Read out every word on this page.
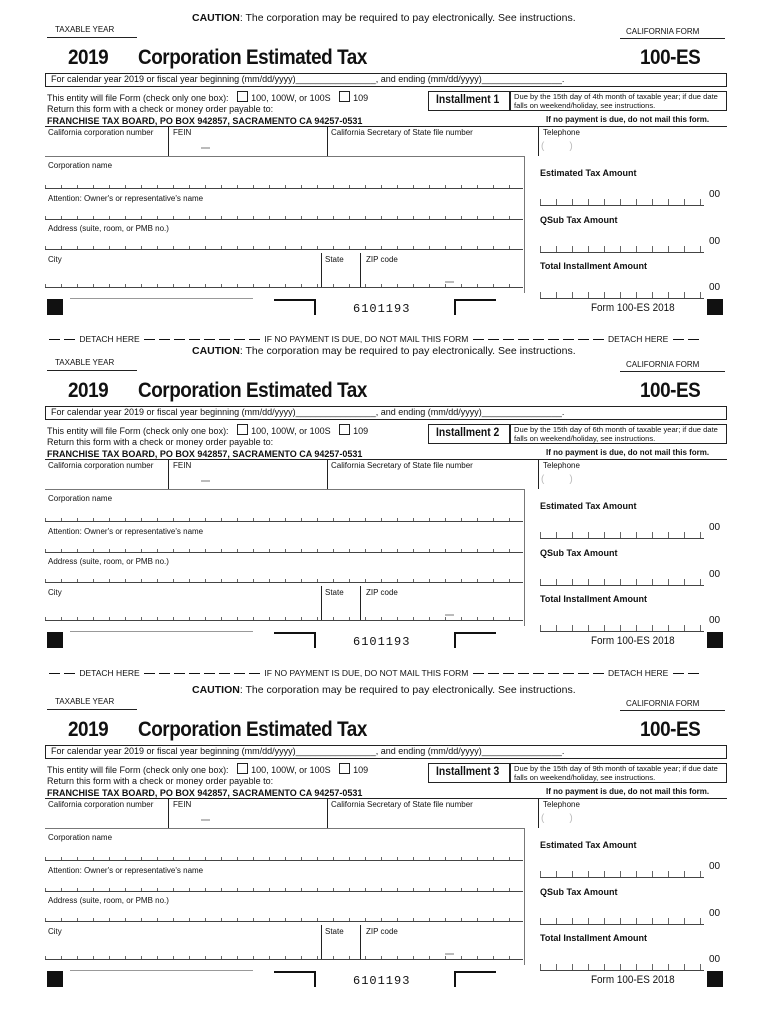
CAUTION: The corporation may be required to pay electronically. See instructions.
TAXABLE YEAR	CALIFORNIA FORM
2019 Corporation Estimated Tax	100-ES
For calendar year 2019 or fiscal year beginning (mm/dd/yyyy)________________, and ending (mm/dd/yyyy)________________.
This entity will file Form (check only one box):	100, 100W, or 100S	109	Installment 1 Due by the 15th day of 4th month of taxable year; if due date falls on weekend/holiday, see instructions.
Return this form with a check or money order payable to:
FRANCHISE TAX BOARD, PO BOX 942857, SACRAMENTO CA 94257-0531	If no payment is due, do not mail this form.
California corporation number FEIN	California Secretary of State file number	Telephone
(         )
Corporation name
Attention: Owner's or representative's name
Address (suite, room, or PMB no.)
City	State	ZIP code
Estimated Tax Amount
00
QSub Tax Amount
00
Total Installment Amount
00
6101193	Form 100-ES 2018
CAUTION: The corporation may be required to pay electronically. See instructions.
TAXABLE YEAR	CALIFORNIA FORM
2019 Corporation Estimated Tax	100-ES
For calendar year 2019 or fiscal year beginning (mm/dd/yyyy)________________, and ending (mm/dd/yyyy)________________.
This entity will file Form (check only one box):	100, 100W, or 100S	109	Installment 2 Due by the 15th day of 6th month of taxable year; if due date falls on weekend/holiday, see instructions.
Return this form with a check or money order payable to:
FRANCHISE TAX BOARD, PO BOX 942857, SACRAMENTO CA 94257-0531	If no payment is due, do not mail this form.
California corporation number FEIN	California Secretary of State file number	Telephone
(         )
Corporation name
Attention: Owner's or representative's name
Address (suite, room, or PMB no.)
City	State	ZIP code
Estimated Tax Amount
00
QSub Tax Amount
00
Total Installment Amount
00
6101193	Form 100-ES 2018
CAUTION: The corporation may be required to pay electronically. See instructions.
TAXABLE YEAR	CALIFORNIA FORM
2019 Corporation Estimated Tax	100-ES
For calendar year 2019 or fiscal year beginning (mm/dd/yyyy)________________, and ending (mm/dd/yyyy)________________.
This entity will file Form (check only one box):	100, 100W, or 100S	109	Installment 3 Due by the 15th day of 9th month of taxable year; if due date falls on weekend/holiday, see instructions.
Return this form with a check or money order payable to:
FRANCHISE TAX BOARD, PO BOX 942857, SACRAMENTO CA 94257-0531	If no payment is due, do not mail this form.
California corporation number FEIN	California Secretary of State file number	Telephone
(         )
Corporation name
Attention: Owner's or representative's name
Address (suite, room, or PMB no.)
City	State	ZIP code
Estimated Tax Amount
00
QSub Tax Amount
00
Total Installment Amount
00
6101193	Form 100-ES 2018
DETACH HERE	IF NO PAYMENT IS DUE, DO NOT MAIL THIS FORM	DETACH HERE
DETACH HERE	IF NO PAYMENT IS DUE, DO NOT MAIL THIS FORM	DETACH HERE
